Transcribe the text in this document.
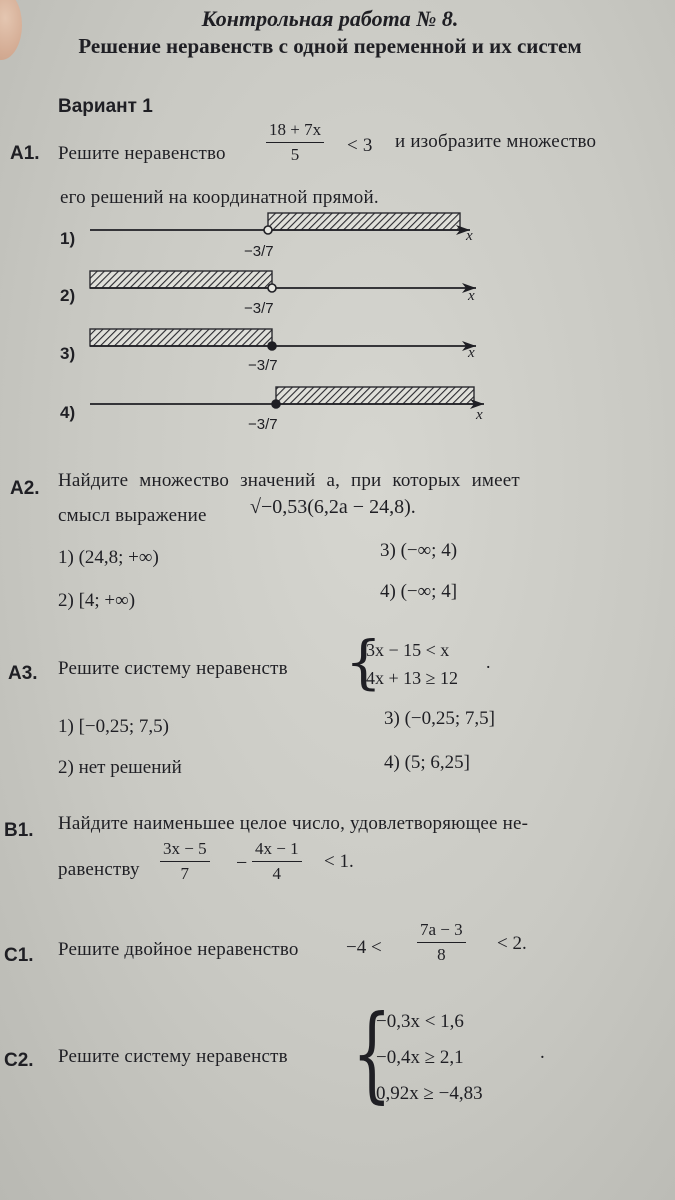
Контрольная работа № 8.
Решение неравенств с одной переменной и их систем
Вариант 1
А1. Решите неравенство $\frac{18 + 7x}{5} < 3$ и изобразите множество
его решений на координатной прямой.
1)
2)
3)
4)
−3/7
−3/7
−3/7
−3/7
x
x
x
x
А2. Найдите множество значений a, при которых имеет
смысл выражение √−0,53(6,2a − 24,8).
1) (24,8; +∞)	3) (−∞; 4)
2) [4; +∞)	4) (−∞; 4]
А3. Решите систему неравенств {
3x − 15 < x
4x + 13 ≥ 12
.
1) [−0,25; 7,5)	3) (−0,25; 7,5]
2) нет решений	4) (5; 6,25]
В1. Найдите наименьшее целое число, удовлетворяющее не-
равенству $\frac{3x - 5}{7} - \frac{4x - 1}{4} < 1$.
С1. Решите двойное неравенство $-4 < \frac{7a - 3}{8} < 2$.
С2. Решите систему неравенств {
−0,3x < 1,6
−0,4x ≥ 2,1
0,92x ≥ −4,83
.
